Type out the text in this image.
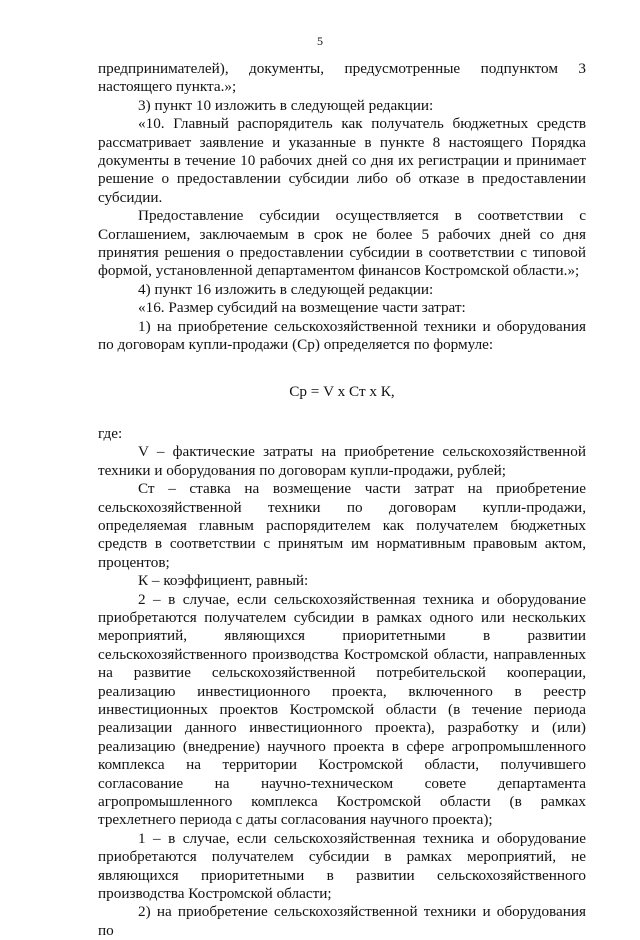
5

предпринимателей), документы, предусмотренные подпунктом 3 настоящего пункта.»;

3) пункт 10 изложить в следующей редакции:

«10. Главный распорядитель как получатель бюджетных средств рассматривает заявление и указанные в пункте 8 настоящего Порядка документы в течение 10 рабочих дней со дня их регистрации и принимает решение о предоставлении субсидии либо об отказе в предоставлении субсидии.

Предоставление субсидии осуществляется в соответствии с Соглашением, заключаемым в срок не более 5 рабочих дней со дня принятия решения о предоставлении субсидии в соответствии с типовой формой, установленной департаментом финансов Костромской области.»;

4) пункт 16 изложить в следующей редакции:

«16. Размер субсидий на возмещение части затрат:

1) на приобретение сельскохозяйственной техники и оборудования по договорам купли-продажи (Ср) определяется по формуле:

Ср = V х Ст х К,

где:

V – фактические затраты на приобретение сельскохозяйственной техники и оборудования по договорам купли-продажи, рублей;

Ст – ставка на возмещение части затрат на приобретение сельскохозяйственной техники по договорам купли-продажи, определяемая главным распорядителем как получателем бюджетных средств в соответствии с принятым им нормативным правовым актом, процентов;

К – коэффициент, равный:

2 – в случае, если сельскохозяйственная техника и оборудование приобретаются получателем субсидии в рамках одного или нескольких мероприятий, являющихся приоритетными в развитии сельскохозяйственного производства Костромской области, направленных на развитие сельскохозяйственной потребительской кооперации, реализацию инвестиционного проекта, включенного в реестр инвестиционных проектов Костромской области (в течение периода реализации данного инвестиционного проекта), разработку и (или) реализацию (внедрение) научного проекта в сфере агропромышленного комплекса на территории Костромской области, получившего согласование на научно-техническом совете департамента агропромышленного комплекса Костромской области (в рамках трехлетнего периода с даты согласования научного проекта);

1 – в случае, если сельскохозяйственная техника и оборудование приобретаются получателем субсидии в рамках мероприятий, не являющихся приоритетными в развитии сельскохозяйственного производства Костромской области;

2) на приобретение сельскохозяйственной техники и оборудования по
